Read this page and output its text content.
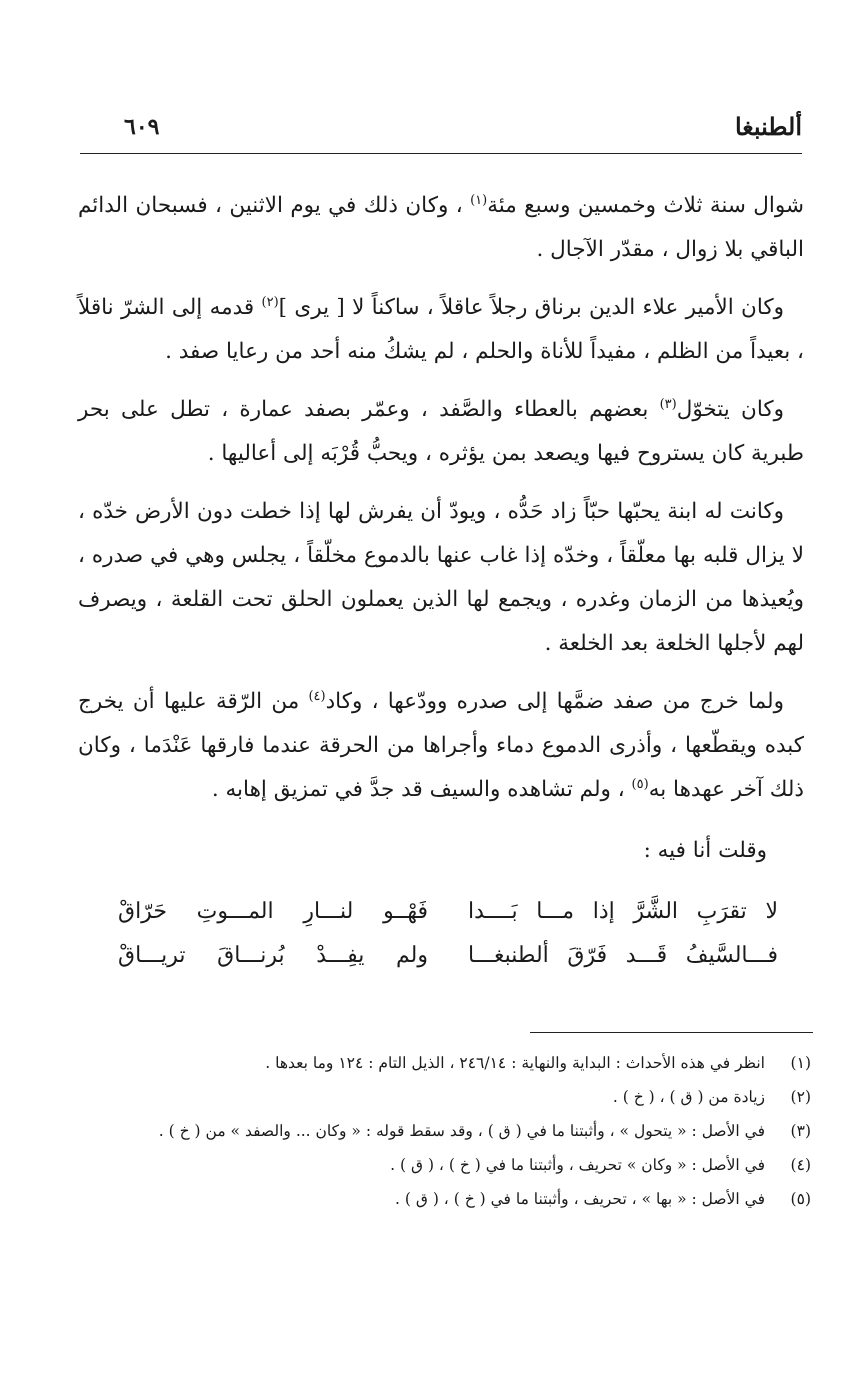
ألطنبغا
٦٠٩

شوال سنة ثلاث وخمسين وسبع مئة$^{(١)}$ ، وكان ذلك في يوم الاثنين ، فسبحان الدائم الباقي بلا زوال ، مقدّر الآجال .

وكان الأمير علاء الدين برناق رجلاً عاقلاً ، ساكناً لا [ يرى ]$^{(٢)}$ قدمه إلى الشرّ ناقلاً ، بعيداً من الظلم ، مفيداً للأناة والحلم ، لم يشكُ منه أحد من رعايا صفد .

وكان يتخوّل$^{(٣)}$ بعضهم بالعطاء والصَّفد ، وعمّر بصفد عمارة ، تطل على بحر طبرية كان يستروح فيها ويصعد بمن يؤثره ، ويحبُّ قُرْبَه إلى أعاليها .

وكانت له ابنة يحبّها حبّاً زاد حَدُّه ، ويودّ أن يفرش لها إذا خطت دون الأرض خدّه ، لا يزال قلبه بها معلّقاً ، وخدّه إذا غاب عنها بالدموع مخلّقاً ، يجلس وهي في صدره ، ويُعيذها من الزمان وغدره ، ويجمع لها الذين يعملون الحلق تحت القلعة ، ويصرف لهم لأجلها الخلعة بعد الخلعة .

ولما خرج من صفد ضمَّها إلى صدره وودّعها ، وكاد$^{(٤)}$ من الرّقة عليها أن يخرج كبده ويقطّعها ، وأذرى الدموع دماء وأجراها من الحرقة عندما فارقها عَنْدَما ، وكان ذلك آخر عهدها به$^{(٥)}$ ، ولم تشاهده والسيف قد جدَّ في تمزيق إهابه .

وقلت أنا فيه :
لا تقرَبِ الشَّرَّ إذا مـــا بَــــدا
فَهْــو لنـــارِ المـــوتِ حَرّاقْ
فـــالسَّيفُ قَـــد فَرّقَ ألطنبغـــا
ولم يفِـــدْ بُرنـــاقَ تريـــاقْ
(١)
انظر في هذه الأحداث : البداية والنهاية : ٢٤٦/١٤ ، الذيل التام : ١٢٤ وما بعدها .
(٢)
زيادة من ( ق ) ، ( خ ) .
(٣)
في الأصل : « يتحول » ، وأثبتنا ما في ( ق ) ، وقد سقط قوله : « وكان ... والصفد » من ( خ ) .
(٤)
في الأصل : « وكان » تحريف ، وأثبتنا ما في ( خ ) ، ( ق ) .
(٥)
في الأصل : « بها » ، تحريف ، وأثبتنا ما في ( خ ) ، ( ق ) .
